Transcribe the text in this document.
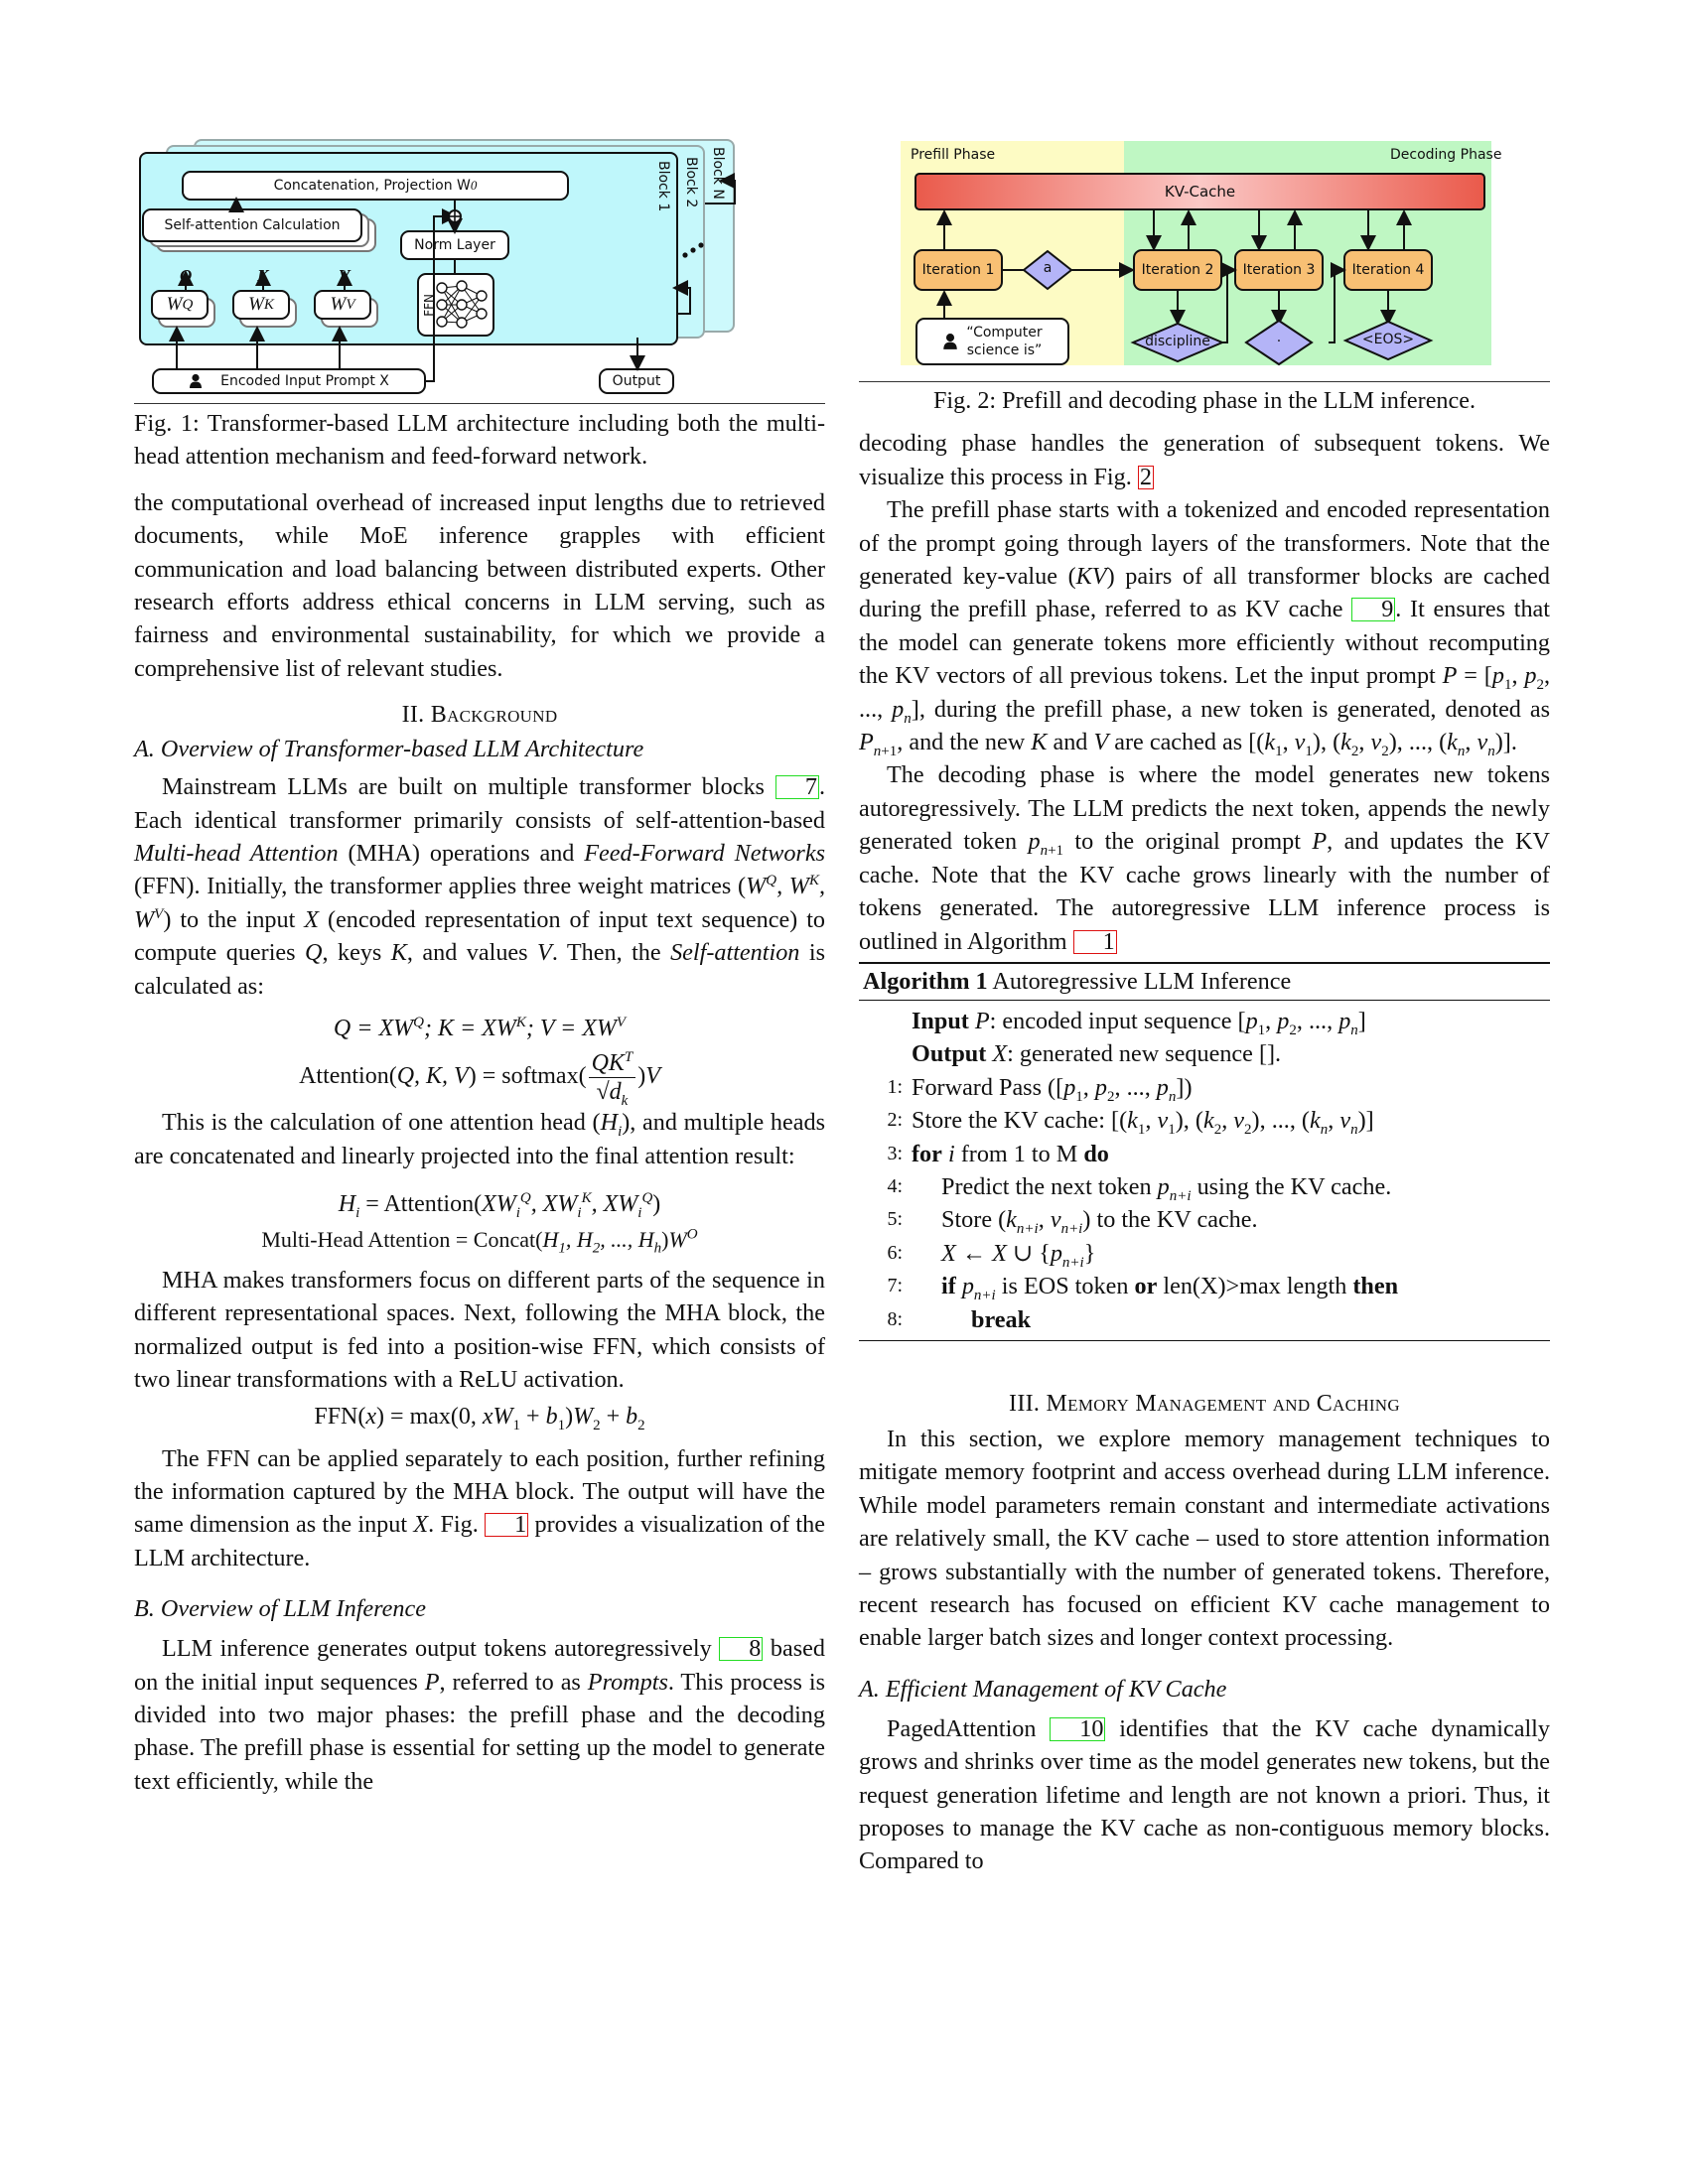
Block N
Block 2
Block 1
Concatenation, Projection W 0
Self-attention Calculation
Q	K	V
W Q	W K	W V
Norm Layer
FFN
Encoded Input Prompt X	Output

Fig. 1: Transformer-based LLM architecture including both the multi-head attention mechanism and feed-forward network.

the computational overhead of increased input lengths due to retrieved documents, while MoE inference grapples with efficient communication and load balancing between distributed experts. Other research efforts address ethical concerns in LLM serving, such as fairness and environmental sustainability, for which we provide a comprehensive list of relevant studies.

II. Background

A. Overview of Transformer-based LLM Architecture

Mainstream LLMs are built on multiple transformer blocks 7. Each identical transformer primarily consists of self-attention-based Multi-head Attention (MHA) operations and Feed-Forward Networks (FFN). Initially, the transformer applies three weight matrices ($W^Q$, $W^K$, $W^V$) to the input X (encoded representation of input text sequence) to compute queries Q, keys K, and values V. Then, the Self-attention is calculated as:

$Q = XW^Q$; $K = XW^K$; $V = XW^V$

Attention(Q, K, V) = softmax( $\frac{QK^T}{√d_k} )V$

This is the calculation of one attention head $(H_i)$, and multiple heads are concatenated and linearly projected into the final attention result:

$H_i$ = $Attention(XW_i^Q$, $XW_i^K$, $XW_i^Q$)

Multi-Head Attention = $Concat(H_1$, $H_2$, ..., $H_h)W^O$

MHA makes transformers focus on different parts of the sequence in different representational spaces. Next, following the MHA block, the normalized output is fed into a position-wise FFN, which consists of two linear transformations with a ReLU activation.

FFN(x) = max(0, $xW_1 + b_1)W_2 + b_2$

The FFN can be applied separately to each position, further refining the information captured by the MHA block. The output will have the same dimension as the input X. Fig. 1 provides a visualization of the LLM architecture.

B. Overview of LLM Inference

LLM inference generates output tokens autoregressively 8 based on the initial input sequences P, referred to as Prompts. This process is divided into two major phases: the prefill phase and the decoding phase. The prefill phase is essential for setting up the model to generate text efficiently, while the

Prefill Phase	Decoding Phase
KV-Cache
Iteration 1	Iteration 2	Iteration 3	Iteration 4
“Computer
science is”
a
discipline	.	<EOS>

Fig. 2: Prefill and decoding phase in the LLM inference.

decoding phase handles the generation of subsequent tokens. We visualize this process in Fig. 2

The prefill phase starts with a tokenized and encoded representation of the prompt going through layers of the transformers. Note that the generated key-value (KV) pairs of all transformer blocks are cached during the prefill phase, referred to as KV cache 9. It ensures that the model can generate tokens more efficiently without recomputing the KV vectors of all previous tokens. Let the input prompt $P = [p_1$, $p_2$, ..., $p_n$], during the prefill phase, a new token is generated, denoted as $P_{n+1}$, and the new K and V are cached as [($k_1$, $v_1$), ($k_2$, $v_2$), ..., ($k_n$, $v_n$)].

The decoding phase is where the model generates new tokens autoregressively. The LLM predicts the next token, appends the newly generated token $p_{n+1}$ to the original prompt P, and updates the KV cache. Note that the KV cache grows linearly with the number of tokens generated. The autoregressive LLM inference process is outlined in Algorithm 1

Algorithm 1 Autoregressive LLM Inference
Input P: encoded input sequence [$p_1$, $p_2$, ..., $p_n$]
Output X: generated new sequence [].
1: Forward Pass ([$p_1$, $p_2$, ..., $p_n$])
2: Store the KV cache: [($k_1$, $v_1$), ($k_2$, $v_2$), ..., ($k_n$, $v_n$)]
3: for i from 1 to M do
4:	Predict the next token $p_{n+i}$ using the KV cache.
5:	Store ($k_{n+i}$, $v_{n+i}$) to the KV cache.
6:	X ← X ∪ $\{p_{n+i}\}$
7:	if $p_{n+i}$ is EOS token or len(X)>max length then
8:	break

III. Memory Management and Caching

In this section, we explore memory management techniques to mitigate memory footprint and access overhead during LLM inference. While model parameters remain constant and intermediate activations are relatively small, the KV cache – used to store attention information – grows substantially with the number of generated tokens. Therefore, recent research has focused on efficient KV cache management to enable larger batch sizes and longer context processing.

A. Efficient Management of KV Cache

PagedAttention 10 identifies that the KV cache dynamically grows and shrinks over time as the model generates new tokens, but the request generation lifetime and length are not known a priori. Thus, it proposes to manage the KV cache as non-contiguous memory blocks. Compared to
